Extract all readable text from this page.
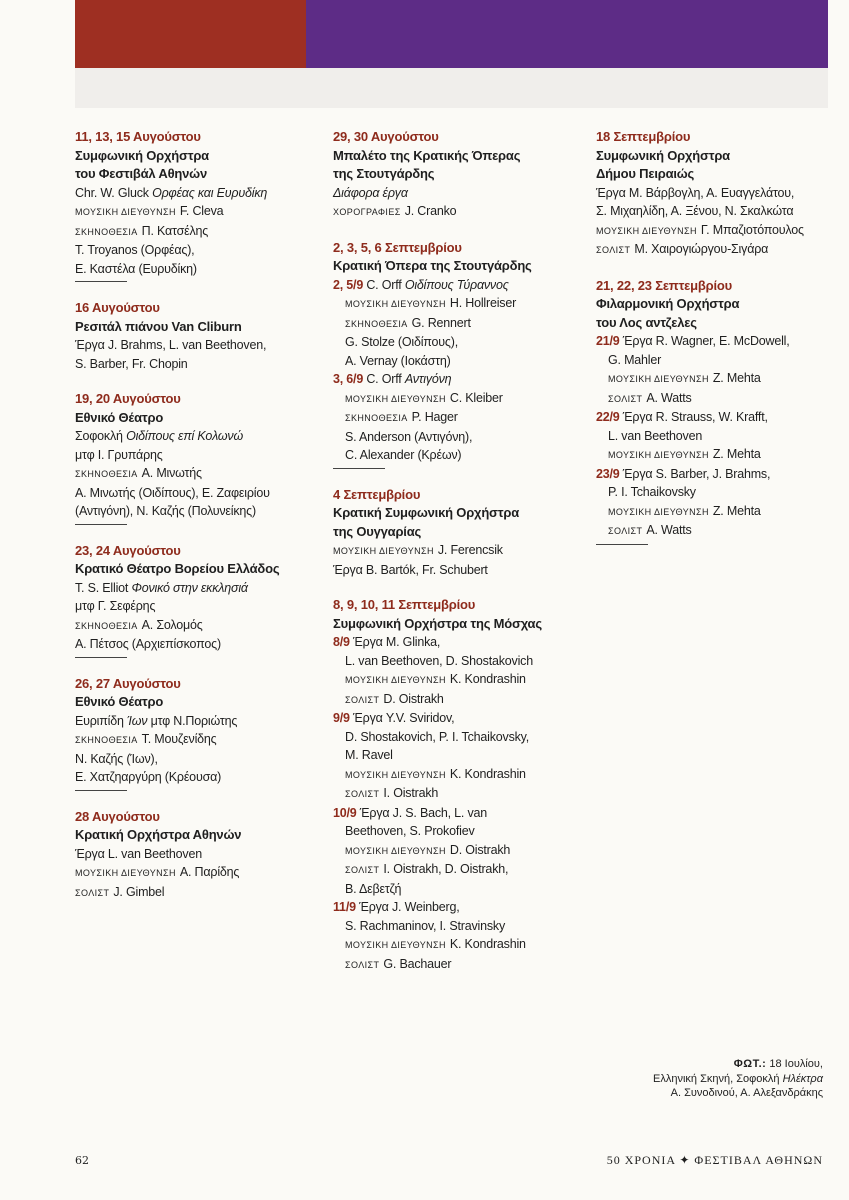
11, 13, 15 Αυγούστου
Συμφωνική Ορχήστρα
του Φεστιβάλ Αθηνών
Chr. W. Gluck Ορφέας και Ευρυδίκη
ΜΟΥΣΙΚΗ ΔΙΕΥΘΥΝΣΗ F. Cleva
ΣΚΗΝΟΘΕΣΙΑ Π. Κατσέλης
T. Troyanos (Ορφέας),
Ε. Καστέλα (Ευρυδίκη)
16 Αυγούστου
Ρεσιτάλ πιάνου Van Cliburn
Έργα J. Brahms, L. van Beethoven,
S. Barber, Fr. Chopin
19, 20 Αυγούστου
Εθνικό Θέατρο
Σοφοκλή Οιδίπους επί Κολωνώ
μτφ Ι. Γρυπάρης
ΣΚΗΝΟΘΕΣΙΑ Α. Μινωτής
Α. Μινωτής (Οιδίπους), Ε. Ζαφειρίου
(Αντιγόνη), Ν. Καζής (Πολυνείκης)
23, 24 Αυγούστου
Κρατικό Θέατρο Βορείου Ελλάδος
T. S. Elliot Φονικό στην εκκλησιά
μτφ Γ. Σεφέρης
ΣΚΗΝΟΘΕΣΙΑ Α. Σολομός
Α. Πέτσος (Αρχιεπίσκοπος)
26, 27 Αυγούστου
Εθνικό Θέατρο
Ευριπίδη Ίων μτφ Ν.Ποριώτης
ΣΚΗΝΟΘΕΣΙΑ Τ. Μουζενίδης
Ν. Καζής (Ίων),
Ε. Χατζηαργύρη (Κρέουσα)
28 Αυγούστου
Κρατική Ορχήστρα Αθηνών
Έργα L. van Beethoven
ΜΟΥΣΙΚΗ ΔΙΕΥΘΥΝΣΗ Α. Παρίδης
ΣΟΛΙΣΤ J. Gimbel
29, 30 Αυγούστου
Μπαλέτο της Κρατικής Όπερας
της Στουτγάρδης
Διάφορα έργα
ΧΟΡΟΓΡΑΦΙΕΣ J. Cranko
2, 3, 5, 6 Σεπτεμβρίου
Κρατική Όπερα της Στουτγάρδης
2, 5/9 C. Orff Οιδίπους Τύραννος
ΜΟΥΣΙΚΗ ΔΙΕΥΘΥΝΣΗ H. Hollreiser
ΣΚΗΝΟΘΕΣΙΑ G. Rennert
G. Stolze (Οιδίπους),
A. Vernay (Ιοκάστη)
3, 6/9 C. Orff Αντιγόνη
ΜΟΥΣΙΚΗ ΔΙΕΥΘΥΝΣΗ C. Kleiber
ΣΚΗΝΟΘΕΣΙΑ P. Hager
S. Anderson (Αντιγόνη),
C. Alexander (Κρέων)
4 Σεπτεμβρίου
Κρατική Συμφωνική Ορχήστρα
της Ουγγαρίας
ΜΟΥΣΙΚΗ ΔΙΕΥΘΥΝΣΗ J. Ferencsik
Έργα B. Bartók, Fr. Schubert
8, 9, 10, 11 Σεπτεμβρίου
Συμφωνική Ορχήστρα της Μόσχας
8/9 Έργα M. Glinka,
L. van Beethoven, D. Shostakovich
ΜΟΥΣΙΚΗ ΔΙΕΥΘΥΝΣΗ K. Kondrashin
ΣΟΛΙΣΤ D. Oistrakh
9/9 Έργα Y.V. Sviridov,
D. Shostakovich, P. I. Tchaikovsky,
M. Ravel
ΜΟΥΣΙΚΗ ΔΙΕΥΘΥΝΣΗ K. Kondrashin
ΣΟΛΙΣΤ I. Oistrakh
10/9 Έργα J. S. Bach, L. van
Beethoven, S. Prokofiev
ΜΟΥΣΙΚΗ ΔΙΕΥΘΥΝΣΗ D. Oistrakh
ΣΟΛΙΣΤ I. Oistrakh, D. Oistrakh,
Β. Δεβετζή
11/9 Έργα J. Weinberg,
S. Rachmaninov, I. Stravinsky
ΜΟΥΣΙΚΗ ΔΙΕΥΘΥΝΣΗ K. Kondrashin
ΣΟΛΙΣΤ G. Bachauer
18 Σεπτεμβρίου
Συμφωνική Ορχήστρα
Δήμου Πειραιώς
Έργα Μ. Βάρβογλη, Α. Ευαγγελάτου,
Σ. Μιχαηλίδη, Α. Ξένου, Ν. Σκαλκώτα
ΜΟΥΣΙΚΗ ΔΙΕΥΘΥΝΣΗ Γ. Μπαζιοτόπουλος
ΣΟΛΙΣΤ Μ. Χαιρογιώργου-Σιγάρα
21, 22, 23 Σεπτεμβρίου
Φιλαρμονική Ορχήστρα
του Λος αντζελες
21/9 Έργα R. Wagner, E. McDowell,
G. Mahler
ΜΟΥΣΙΚΗ ΔΙΕΥΘΥΝΣΗ Z. Mehta
ΣΟΛΙΣΤ A. Watts
22/9 Έργα R. Strauss, W. Krafft,
L. van Beethoven
ΜΟΥΣΙΚΗ ΔΙΕΥΘΥΝΣΗ Z. Mehta
23/9 Έργα S. Barber, J. Brahms,
P. I. Tchaikovsky
ΜΟΥΣΙΚΗ ΔΙΕΥΘΥΝΣΗ Z. Mehta
ΣΟΛΙΣΤ A. Watts
ΦΩΤ.: 18 Ιουλίου,
Ελληνική Σκηνή, Σοφοκλή Ηλέκτρα
Α. Συνοδινού, Α. Αλεξανδράκης
62	50 ΧΡΟΝΙΑ ✦ ΦΕΣΤΙΒΑΛ ΑΘΗΝΩΝ
